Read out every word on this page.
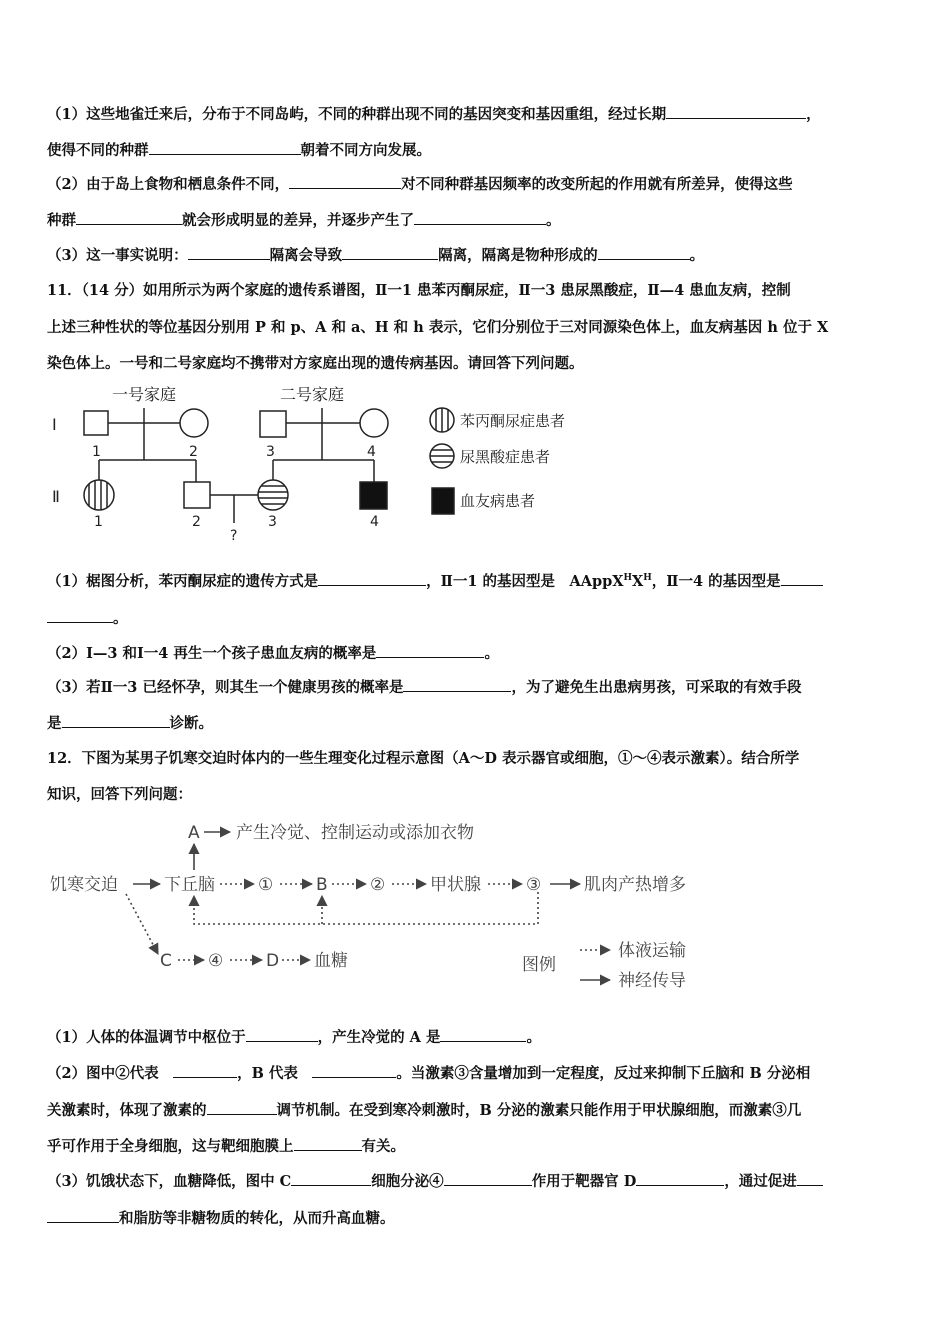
（1）这些地雀迁来后，分布于不同岛屿，不同的种群出现不同的基因突变和基因重组，经过长期	，
使得不同的种群	朝着不同方向发展。
（2）由于岛上食物和栖息条件不同，	对不同种群基因频率的改变所起的作用就有所差异，使得这些
种群	就会形成明显的差异，并逐步产生了	。
（3）这一事实说明：	隔离会导致	隔离，隔离是物种形成的	。
11．（14 分）如用所示为两个家庭的遗传系谱图，Ⅱ一1 患苯丙酮尿症，Ⅱ一3 患尿黑酸症，Ⅱ—4 患血友病，控制
上述三种性状的等位基因分别用 P 和 p、A 和 a、H 和 h 表示，它们分别位于三对同源染色体上，血友病基因 h 位于 X
染色体上。一号和二号家庭均不携带对方家庭出现的遗传病基因。请回答下列问题。
一号家庭	二号家庭
Ⅰ
Ⅱ
1	2	3	4
1	2	3	4
?
苯丙酮尿症患者
尿黑酸症患者
血友病患者
（1）椐图分析，苯丙酮尿症的遗传方式是	，Ⅱ一1 的基因型是　$AAppX^HX^H$，Ⅱ一4 的基因型是
。
（2）Ⅰ—3 和Ⅰ一4 再生一个孩子患血友病的概率是	。
（3）若Ⅱ一3 已经怀孕，则其生一个健康男孩的概率是	，为了避免生出患病男孩，可采取的有效手段
是	诊断。
12．下图为某男子饥寒交迫时体内的一些生理变化过程示意图（A～D 表示器官或细胞，①～④表示激素）。结合所学
知识，回答下列问题：
A 产生冷觉、控制运动或添加衣物
饥寒交迫	下丘脑	①	B ②	甲状腺	③	肌肉产热增多
C ④	D 血糖	图例
体液运输
神经传导
（1）人体的体温调节中枢位于	，产生冷觉的 A 是	。
（2）图中②代表　	，B 代表　	。当激素③含量增加到一定程度，反过来抑制下丘脑和 B 分泌相
关激素时，体现了激素的	调节机制。在受到寒冷刺激时，B 分泌的激素只能作用于甲状腺细胞，而激素③几
乎可作用于全身细胞，这与靶细胞膜上	有关。
（3）饥饿状态下，血糖降低，图中 C	细胞分泌④	作用于靶器官 D	，通过促进
和脂肪等非糖物质的转化，从而升高血糖。
